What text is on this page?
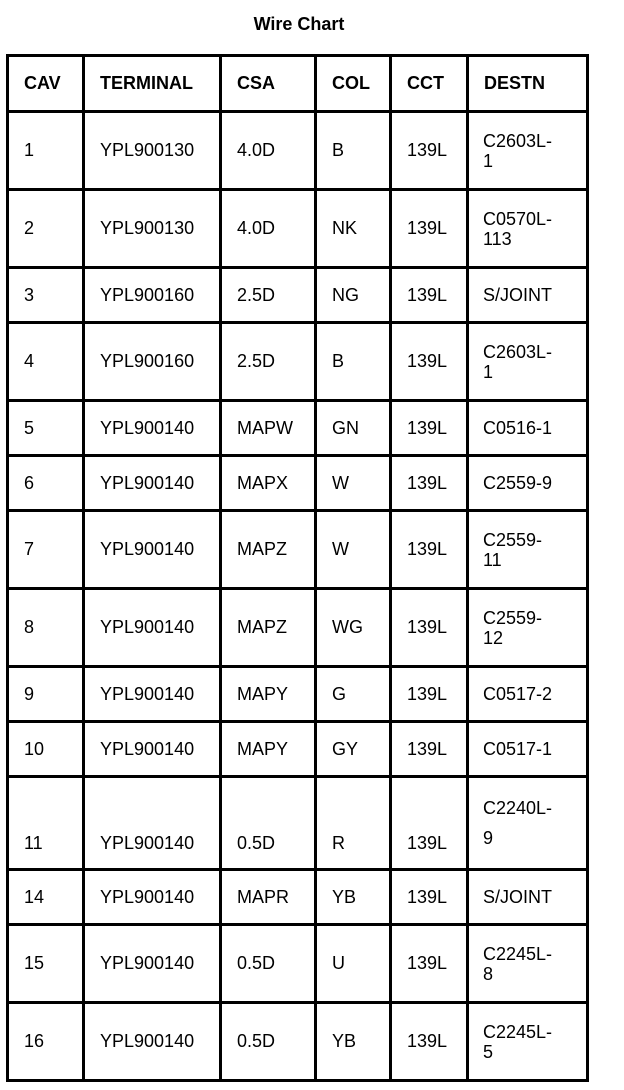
Wire Chart
CAV	TERMINAL	CSA	COL	CCT	DESTN
1	YPL900130	4.0D	B	139L	C2603L-
1
2	YPL900130	4.0D	NK	139L	C0570L-
113
3	YPL900160	2.5D	NG	139L	S/JOINT
4	YPL900160	2.5D	B	139L	C2603L-
1
5	YPL900140	MAPW	GN	139L	C0516-1
6	YPL900140	MAPX	W	139L	C2559-9
7	YPL900140	MAPZ	W	139L	C2559-
11
8	YPL900140	MAPZ	WG	139L	C2559-
12
9	YPL900140	MAPY	G	139L	C0517-2
10	YPL900140	MAPY	GY	139L	C0517-1
11	YPL900140	0.5D	R	139L	C2240L-
9
14	YPL900140	MAPR	YB	139L	S/JOINT
15	YPL900140	0.5D	U	139L	C2245L-
8
16	YPL900140	0.5D	YB	139L	C2245L-
5
